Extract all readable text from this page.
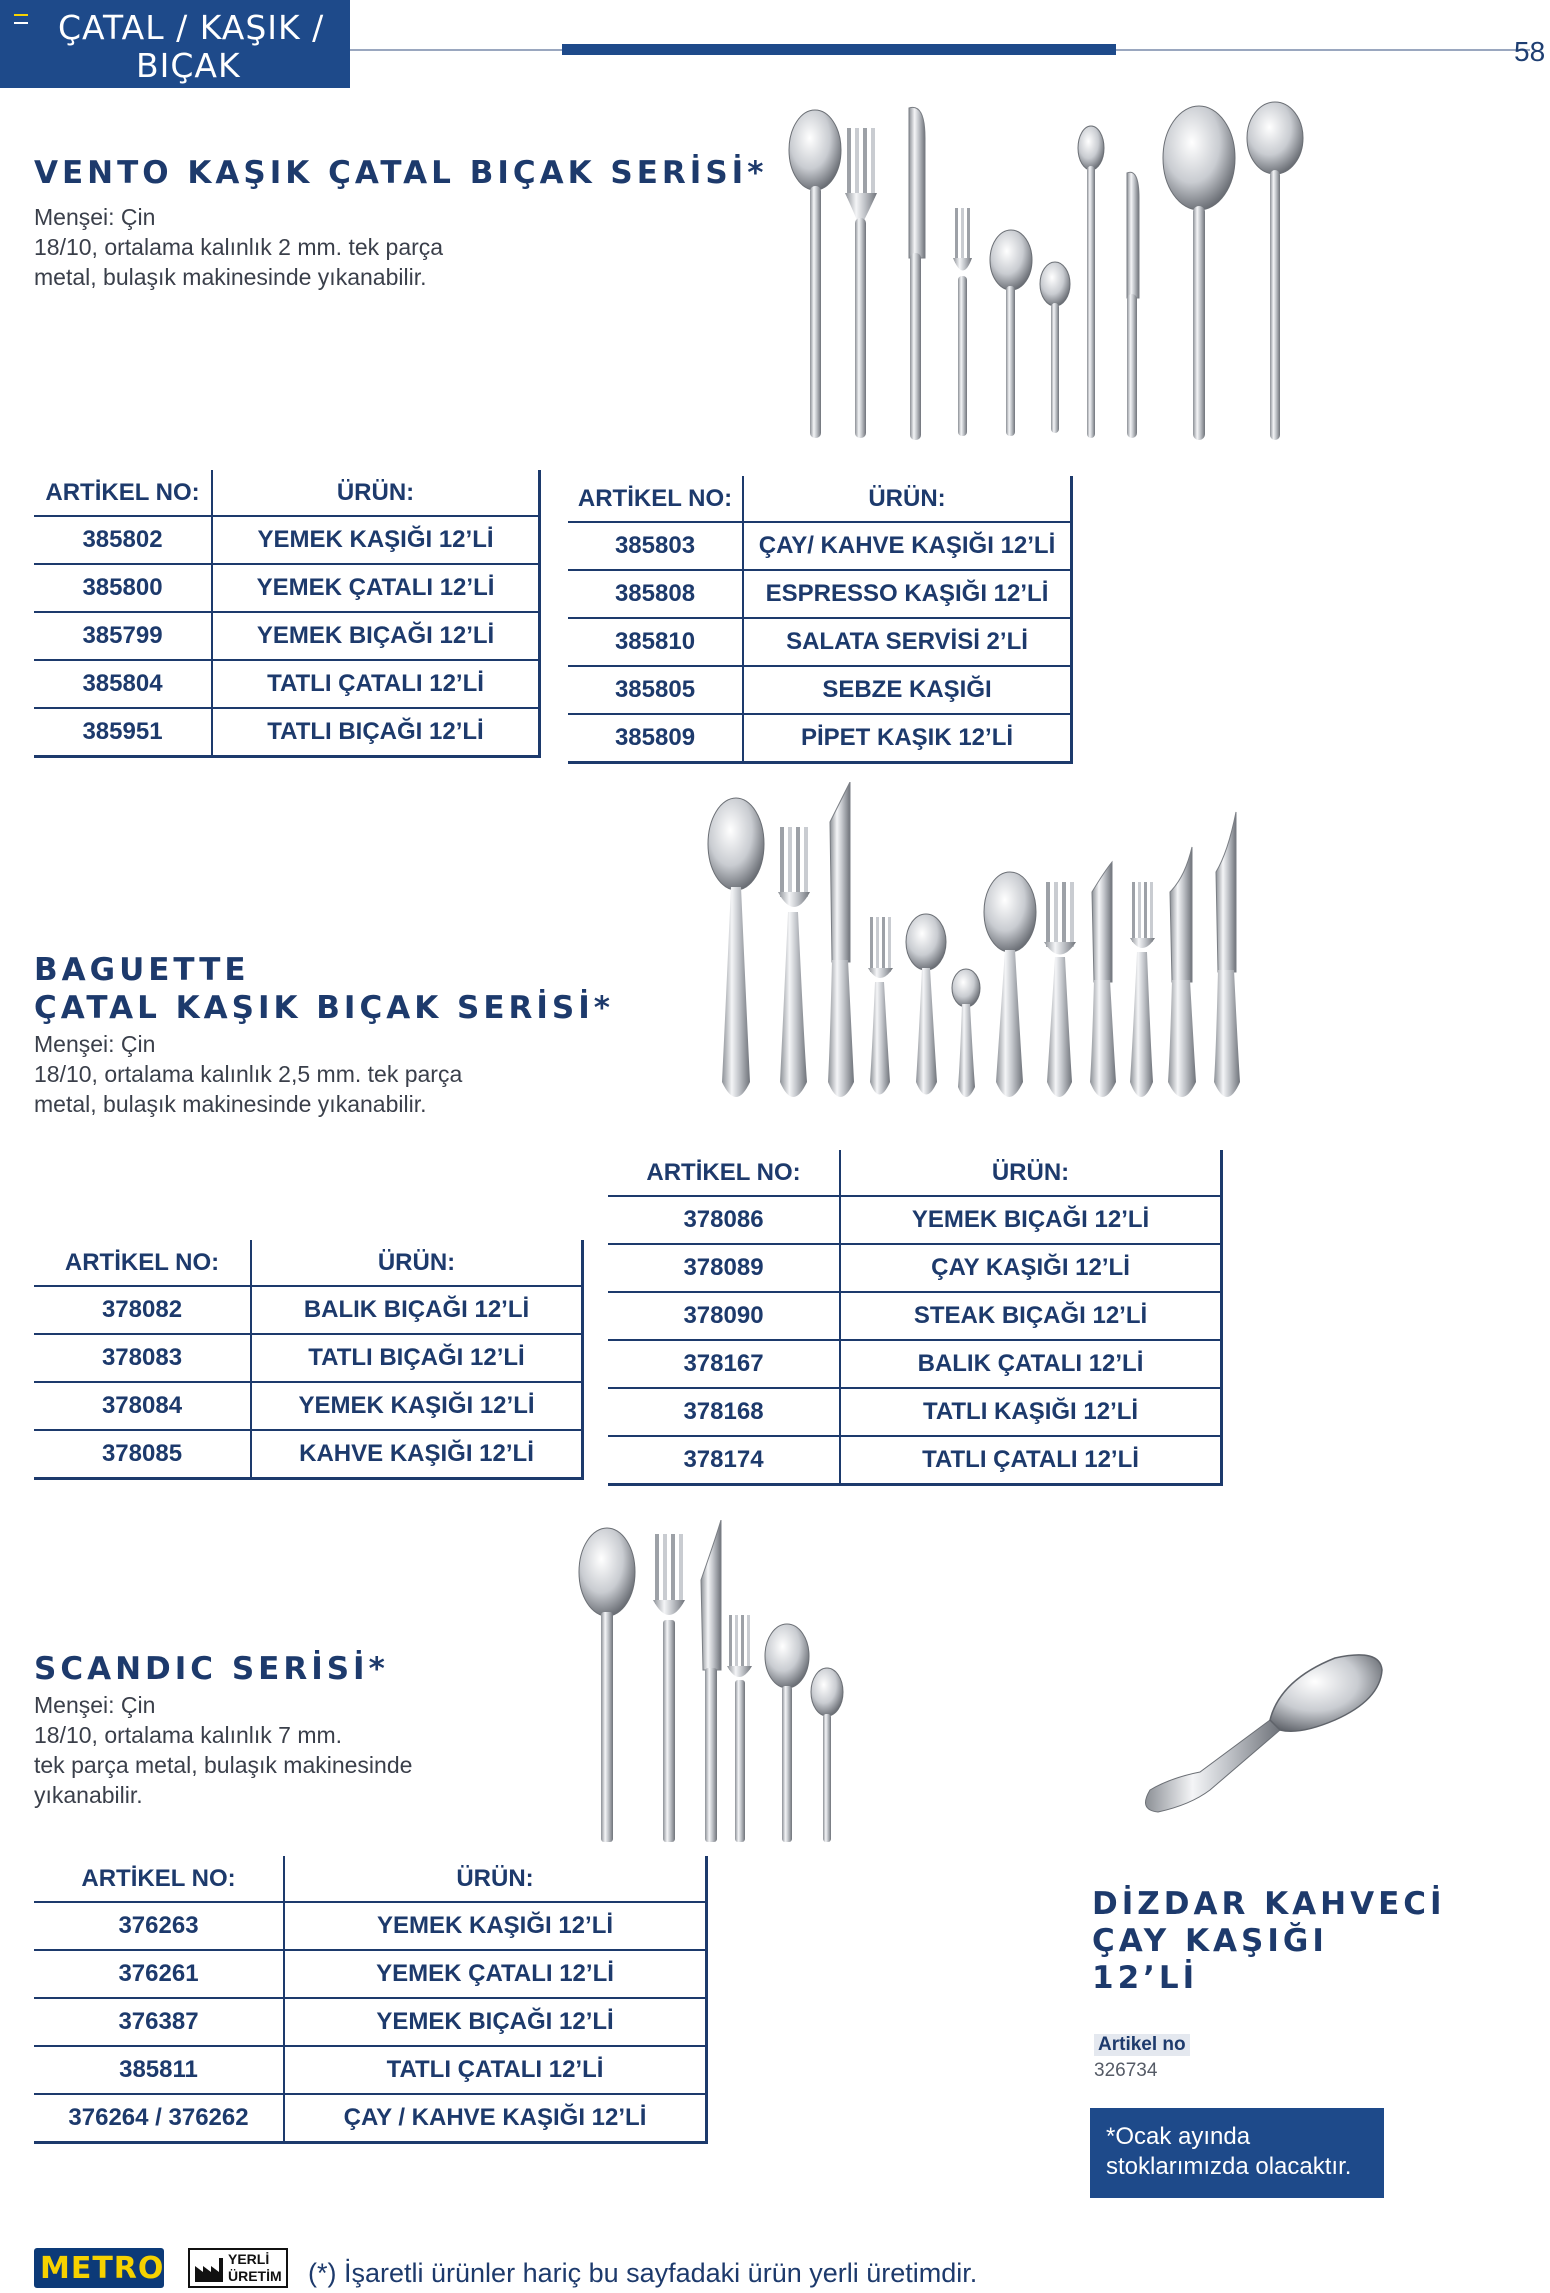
ÇATAL / KAŞIK /
BIÇAK	58
VENTO KAŞIK ÇATAL BIÇAK SERİSİ*
Menşei: Çin
18/10, ortalama kalınlık 2 mm. tek parça
metal, bulaşık makinesinde yıkanabilir.
ARTİKEL NO:	ÜRÜN:
385802	YEMEK KAŞIĞI 12’Lİ
385800	YEMEK ÇATALI 12’Lİ
385799	YEMEK BIÇAĞI 12’Lİ
385804	TATLI ÇATALI 12’Lİ
385951	TATLI BIÇAĞI 12’Lİ
ARTİKEL NO:	ÜRÜN:
385803	ÇAY/ KAHVE KAŞIĞI 12’Lİ
385808	ESPRESSO KAŞIĞI 12’Lİ
385810	SALATA SERVİSİ 2’Lİ
385805	SEBZE KAŞIĞI
385809	PİPET KAŞIK 12’Lİ
BAGUETTE
ÇATAL KAŞIK BIÇAK SERİSİ*
Menşei: Çin
18/10, ortalama kalınlık 2,5 mm. tek parça
metal, bulaşık makinesinde yıkanabilir.
ARTİKEL NO:	ÜRÜN:
378082	BALIK BIÇAĞI 12’Lİ
378083	TATLI BIÇAĞI 12’Lİ
378084	YEMEK KAŞIĞI 12’Lİ
378085	KAHVE KAŞIĞI 12’Lİ
ARTİKEL NO:	ÜRÜN:
378086	YEMEK BIÇAĞI 12’Lİ
378089	ÇAY KAŞIĞI 12’Lİ
378090	STEAK BIÇAĞI 12’Lİ
378167	BALIK ÇATALI 12’Lİ
378168	TATLI KAŞIĞI 12’Lİ
378174	TATLI ÇATALI 12’Lİ
SCANDIC SERİSİ*
Menşei: Çin
18/10, ortalama kalınlık 7 mm.
tek parça metal, bulaşık makinesinde
yıkanabilir.
ARTİKEL NO:	ÜRÜN:
376263	YEMEK KAŞIĞI 12’Lİ
376261	YEMEK ÇATALI 12’Lİ
376387	YEMEK BIÇAĞI 12’Lİ
385811	TATLI ÇATALI 12’Lİ
376264 / 376262	ÇAY / KAHVE KAŞIĞI 12’Lİ
DİZDAR KAHVECİ
ÇAY KAŞIĞI
12’Lİ
Artikel no
326734
*Ocak ayında
stoklarımızda olacaktır.
METRO	YERLİ
ÜRETİM (*) İşaretli ürünler hariç bu sayfadaki ürün yerli üretimdir.
